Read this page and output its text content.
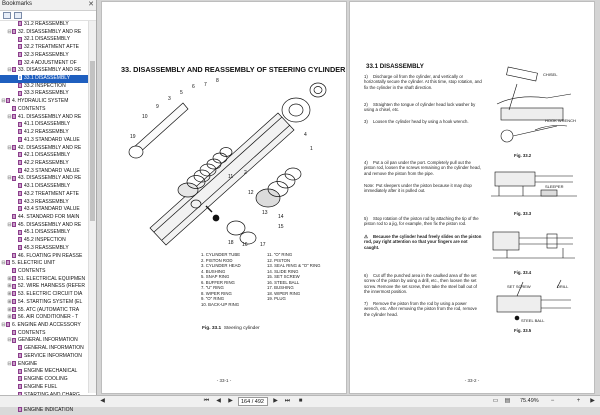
Bookmarks	✕
31.2 REASSEMBLY
⊟ 32. DISASSEMBLY AND RE
32.1 DISASSEMBLY
32.2 TREATMENT AFTE
32.3 REASSEMBLY
32.4 ADJUSTMENT OF
⊟ 33. DISASSEMBLY AND RE
33.1 DISASSEMBLY
33.2 INSPECTION
33.3 REASSEMBLY
⊟ 4. HYDRAULIC SYSTEM
CONTENTS
⊟ 41. DISASSEMBLY AND RE
41.1 DISASSEMBLY
41.2 REASSEMBLY
41.3 STANDARD VALUE
⊟ 42. DISASSEMBLY AND RE
42.1 DISASSEMBLY
42.2 REASSEMBLY
42.3 STANDARD VALUE
⊟ 43. DISASSEMBLY AND RE
43.1 DISASSEMBLY
43.2 TREATMENT AFTE
43.3 REASSEMBLY
43.4 STANDARD VALUE
44. STANDARD FOR MAIN
⊟ 45. DISASSEMBLY AND RE
45.1 DISASSEMBLY
45.2 INSPECTION
45.3 REASSEMBLY
46. FLOATING PIN REASSE
⊟ 5. ELECTRIC UNIT
CONTENTS
⊞ 51. ELECTRICAL EQUIPMEN
⊞ 52. WIRE HARNESS (REFER
⊞ 53. ELECTRIC CIRCUIT DIA
⊞ 54. STARTING SYSTEM (EL
⊞ 55. ATC (AUTOMATIC TRA
⊞ 56. AIR CONDITIONER - T
⊟ 6. ENGINE AND ACCESSORY
CONTENTS
⊟ GENERAL INFORMATION
GENERAL INFORMATION
SERVICE INFORMATION
⊟ ENGINE
ENGINE MECHANICAL
ENGINE COOLING
ENGINE FUEL
ENGINE INDICATION
33. DISASSEMBLY AND REASSEMBLY OF STEERING CYLINDER
19
10
9
3
5
6 7
8
4
1
11
2
12
13
14
15
16 17
18
1. CYLINDER TUBE
2. PISTON ROD
3. CYLINDER HEAD
4. BUSHING
5. SNAP RING
6. BUFFER RING
7. "U" RING
8. WIPER RING
9. "O" RING
10. BACK-UP RING
11. "O" RING
12. PISTON
13. SEAL RING & "O" RING
14. SLIDE RING
15. SET SCREW
16. STEEL BALL
17. BUSHING
18. WIPER RING
19. PLUG
Fig. 33.1 Steering cylinder
- 33-1 -
33.1 DISASSEMBLY
1) Discharge oil from the cylinder, and vertically or horizontally secure the cylinder. At this time, stop rotation, and fix the cylinder in the shaft direction.
2) Straighten the tongue of cylinder head lock washer by using a chisel, etc.
3) Loosen the cylinder head by using a hook wrench.
4) Put a oil pan under the port. Completely pull out the piston rod, loosen the screws remaining on the cylinder head, and remove the piston from the pipe.
Note: Put sleepers under the piston because it may drop immediately after it is pulled out.
5) Stop rotation of the piston rod by attaching the tip of the piston rod to a jig, for example, then fix the piston rod.
⚠ Because the cylinder head freely slides on the piston rod, pay right attention so that your fingers are not caught.
6) Cut off the punched area in the caulked area of the set screw of the piston by using a drill, etc., then loosen the set screw. Remove the set screw, then take the steel ball out of the innermost position.
7) Remove the piston from the rod by using a power wrench, etc. After removing the piston from the rod, remove the cylinder head.
CHISEL
HOOK WRENCH
Fig. 33.2
SLEEPER
Fig. 33.3
Fig. 33.4
SET SCREW	DRILL
STEEL BALL
Fig. 33.5
- 33-2 -
◀	⏮	◀	▶
164 / 492	▶	⏭	■	▭ ▤	75.49%	−	+	▶
